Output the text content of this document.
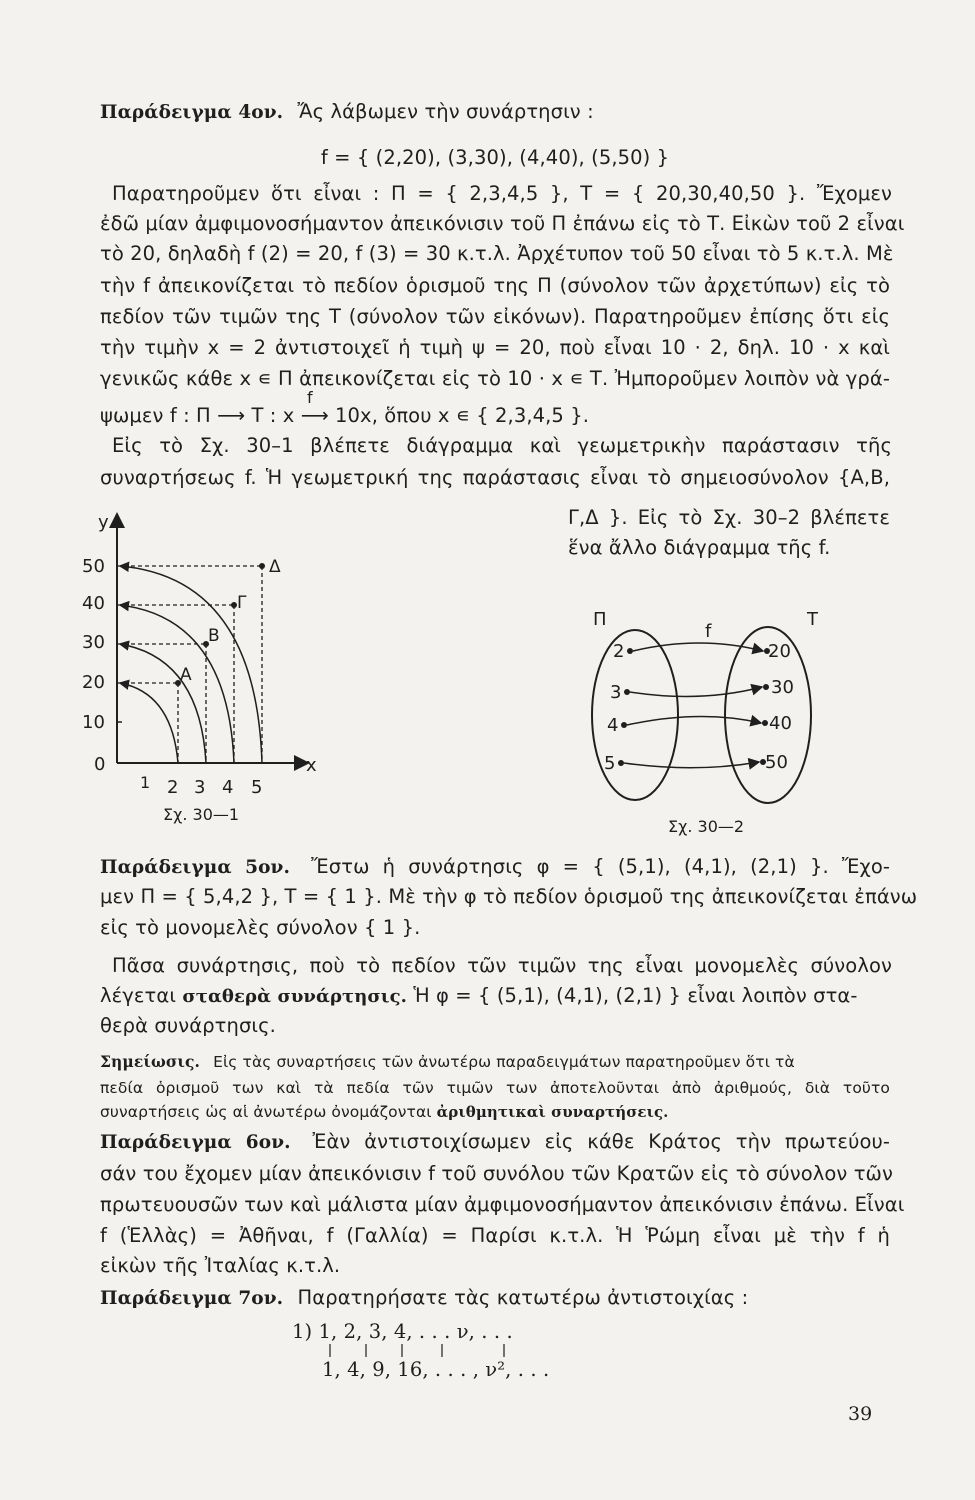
Παράδειγμα 4ον. Ἄς λάβωμεν τὴν συνάρτησιν :
f = { (2,20), (3,30), (4,40), (5,50) }
Παρατηροῦμεν ὅτι εἶναι : Π = { 2,3,4,5 }, Τ = { 20,30,40,50 }. Ἔχομεν
ἐδῶ μίαν ἀμφιμονοσήμαντον ἀπεικόνισιν τοῦ Π ἐπάνω εἰς τὸ Τ. Εἰκὼν τοῦ 2 εἶναι
τὸ 20, δηλαδὴ f (2) = 20, f (3) = 30 κ.τ.λ. Ἀρχέτυπον τοῦ 50 εἶναι τὸ 5 κ.τ.λ. Μὲ
τὴν f ἀπεικονίζεται τὸ πεδίον ὁρισμοῦ της Π (σύνολον τῶν ἀρχετύπων) εἰς τὸ
πεδίον τῶν τιμῶν της Τ (σύνολον τῶν εἰκόνων). Παρατηροῦμεν ἐπίσης ὅτι εἰς
τὴν τιμὴν x = 2 ἀντιστοιχεῖ ἡ τιμὴ ψ = 20, ποὺ εἶναι 10 · 2, δηλ. 10 · x καὶ
γενικῶς κάθε x ∊ Π ἀπεικονίζεται εἰς τὸ 10 · x ∊ Τ. Ἠμποροῦμεν λοιπὸν νὰ γρά-
f
ψωμεν f : Π ⟶ Τ : x ⟶ 10x, ὅπου x ∊ { 2,3,4,5 }.
Εἰς τὸ Σχ. 30–1 βλέπετε διάγραμμα καὶ γεωμετρικὴν παράστασιν τῆς
συναρτήσεως f. Ἡ γεωμετρική της παράστασις εἶναι τὸ σημειοσύνολον {Α,Β,
Γ,Δ }. Εἰς τὸ Σχ. 30–2 βλέπετε
ἕνα ἄλλο διάγραμμα τῆς f.
y
x
50
40
30
20
10
0
1 2 3 4 5
Α
Β
Γ
Δ
Σχ. 30—1
Π	Τ
f
2
3
4
5
20
30
40
50
Σχ. 30—2
Παράδειγμα 5ον. Ἔστω ἡ συνάρτησις φ = { (5,1), (4,1), (2,1) }. Ἔχο-
μεν Π = { 5,4,2 }, Τ = { 1 }. Μὲ τὴν φ τὸ πεδίον ὁρισμοῦ της ἀπεικονίζεται ἐπάνω
εἰς τὸ μονομελὲς σύνολον { 1 }.
Πᾶσα συνάρτησις, ποὺ τὸ πεδίον τῶν τιμῶν της εἶναι μονομελὲς σύνολον
λέγεται σταθερὰ συνάρτησις. Ἡ φ = { (5,1), (4,1), (2,1) } εἶναι λοιπὸν στα-
θερὰ συνάρτησις.
Σημείωσις. Εἰς τὰς συναρτήσεις τῶν ἀνωτέρω παραδειγμάτων παρατηροῦμεν ὅτι τὰ
πεδία ὁρισμοῦ των καὶ τὰ πεδία τῶν τιμῶν των ἀποτελοῦνται ἀπὸ ἀριθμούς, διὰ τοῦτο
συναρτήσεις ὡς αἱ ἀνωτέρω ὀνομάζονται ἀριθμητικαὶ συναρτήσεις.
Παράδειγμα 6ον. Ἐὰν ἀντιστοιχίσωμεν εἰς κάθε Κράτος τὴν πρωτεύου-
σάν του ἔχομεν μίαν ἀπεικόνισιν f τοῦ συνόλου τῶν Κρατῶν εἰς τὸ σύνολον τῶν
πρωτευουσῶν των καὶ μάλιστα μίαν ἀμφιμονοσήμαντον ἀπεικόνισιν ἐπάνω. Εἶναι
f (Ἑλλὰς) = Ἀθῆναι, f (Γαλλία) = Παρίσι κ.τ.λ. Ἡ Ῥώμη εἶναι μὲ τὴν f ἡ
εἰκὼν τῆς Ἰταλίας κ.τ.λ.
Παράδειγμα 7ον. Παρατηρήσατε τὰς κατωτέρω ἀντιστοιχίας :
1) 1, 2, 3, 4, . . . ν, . . .
1, 4, 9, 16, . . . , ν², . . .
39
